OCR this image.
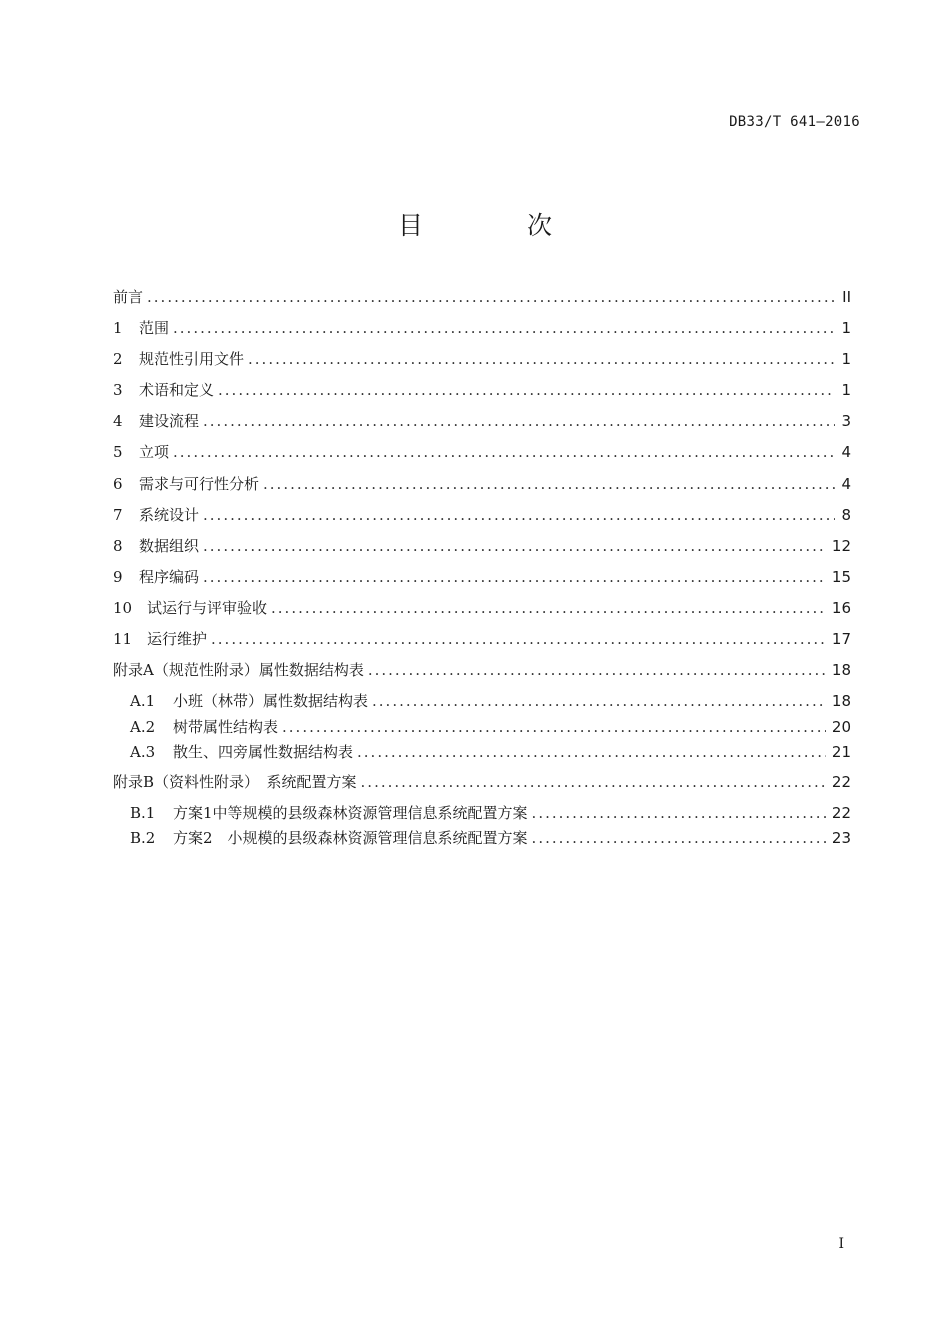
DB33/T 641—2016
目 次
前言 .....	II
1	范围 .....	1
2	规范性引用文件 .....	1
3	术语和定义 .....	1
4	建设流程 .....	3
5	立项 .....	4
6	需求与可行性分析 .....	4
7	系统设计 .....	8
8	数据组织 .....	12
9	程序编码 .....	15
10 试运行与评审验收 .....	16
11 运行维护 .....	17
附录A（规范性附录）属性数据结构表 .....	18
A.1	小班（林带）属性数据结构表 .....	18
A.2	树带属性结构表 .....	20
A.3	散生、四旁属性数据结构表 .....	21
附录B（资料性附录）　系统配置方案 .....	22
B.1	方案1中等规模的县级森林资源管理信息系统配置方案 .....	22
B.2	方案2　小规模的县级森林资源管理信息系统配置方案 .....	23
I
